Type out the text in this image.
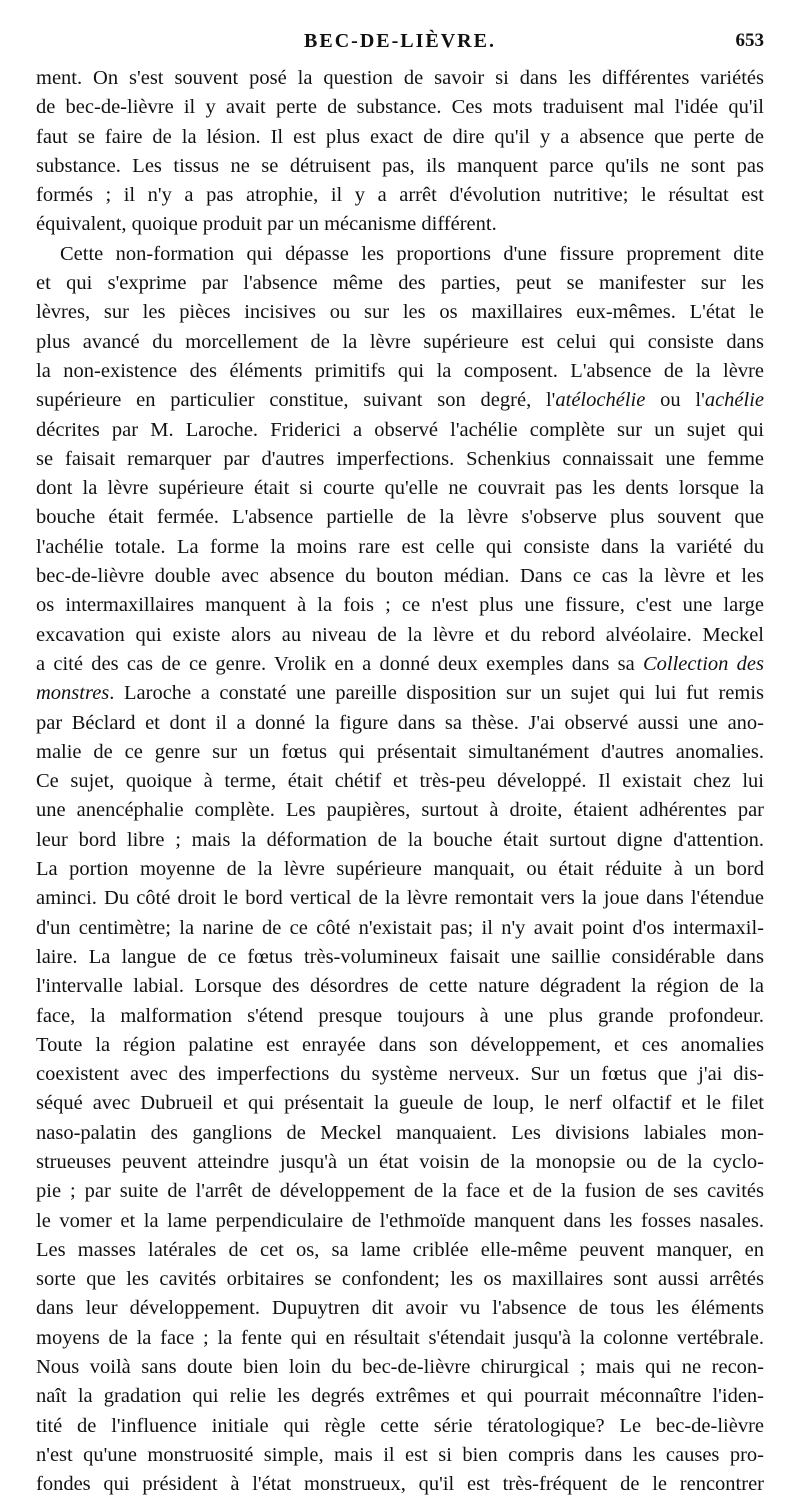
BEC-DE-LIÈVRE.	653
ment. On s'est souvent posé la question de savoir si dans les différentes variétés
de bec-de-lièvre il y avait perte de substance. Ces mots traduisent mal l'idée qu'il
faut se faire de la lésion. Il est plus exact de dire qu'il y a absence que perte de
substance. Les tissus ne se détruisent pas, ils manquent parce qu'ils ne sont pas
formés ; il n'y a pas atrophie, il y a arrêt d'évolution nutritive; le résultat est
équivalent, quoique produit par un mécanisme différent.
Cette non-formation qui dépasse les proportions d'une fissure proprement dite
et qui s'exprime par l'absence même des parties, peut se manifester sur les
lèvres, sur les pièces incisives ou sur les os maxillaires eux-mêmes. L'état le
plus avancé du morcellement de la lèvre supérieure est celui qui consiste dans
la non-existence des éléments primitifs qui la composent. L'absence de la lèvre
supérieure en particulier constitue, suivant son degré, l'atélochélie ou l'achélie
décrites par M. Laroche. Friderici a observé l'achélie complète sur un sujet qui
se faisait remarquer par d'autres imperfections. Schenkius connaissait une femme
dont la lèvre supérieure était si courte qu'elle ne couvrait pas les dents lorsque la
bouche était fermée. L'absence partielle de la lèvre s'observe plus souvent que
l'achélie totale. La forme la moins rare est celle qui consiste dans la variété du
bec-de-lièvre double avec absence du bouton médian. Dans ce cas la lèvre et les
os intermaxillaires manquent à la fois ; ce n'est plus une fissure, c'est une large
excavation qui existe alors au niveau de la lèvre et du rebord alvéolaire. Meckel
a cité des cas de ce genre. Vrolik en a donné deux exemples dans sa Collection des
monstres. Laroche a constaté une pareille disposition sur un sujet qui lui fut remis
par Béclard et dont il a donné la figure dans sa thèse. J'ai observé aussi une ano-
malie de ce genre sur un fœtus qui présentait simultanément d'autres anomalies.
Ce sujet, quoique à terme, était chétif et très-peu développé. Il existait chez lui
une anencéphalie complète. Les paupières, surtout à droite, étaient adhérentes par
leur bord libre ; mais la déformation de la bouche était surtout digne d'attention.
La portion moyenne de la lèvre supérieure manquait, ou était réduite à un bord
aminci. Du côté droit le bord vertical de la lèvre remontait vers la joue dans l'étendue
d'un centimètre; la narine de ce côté n'existait pas; il n'y avait point d'os intermaxil-
laire. La langue de ce fœtus très-volumineux faisait une saillie considérable dans
l'intervalle labial. Lorsque des désordres de cette nature dégradent la région de la
face, la malformation s'étend presque toujours à une plus grande profondeur.
Toute la région palatine est enrayée dans son développement, et ces anomalies
coexistent avec des imperfections du système nerveux. Sur un fœtus que j'ai dis-
séqué avec Dubrueil et qui présentait la gueule de loup, le nerf olfactif et le filet
naso-palatin des ganglions de Meckel manquaient. Les divisions labiales mon-
strueuses peuvent atteindre jusqu'à un état voisin de la monopsie ou de la cyclo-
pie ; par suite de l'arrêt de développement de la face et de la fusion de ses cavités
le vomer et la lame perpendiculaire de l'ethmoïde manquent dans les fosses nasales.
Les masses latérales de cet os, sa lame criblée elle-même peuvent manquer, en
sorte que les cavités orbitaires se confondent; les os maxillaires sont aussi arrêtés
dans leur développement. Dupuytren dit avoir vu l'absence de tous les éléments
moyens de la face ; la fente qui en résultait s'étendait jusqu'à la colonne vertébrale.
Nous voilà sans doute bien loin du bec-de-lièvre chirurgical ; mais qui ne recon-
naît la gradation qui relie les degrés extrêmes et qui pourrait méconnaître l'iden-
tité de l'influence initiale qui règle cette série tératologique? Le bec-de-lièvre
n'est qu'une monstruosité simple, mais il est si bien compris dans les causes pro-
fondes qui président à l'état monstrueux, qu'il est très-fréquent de le rencontrer
